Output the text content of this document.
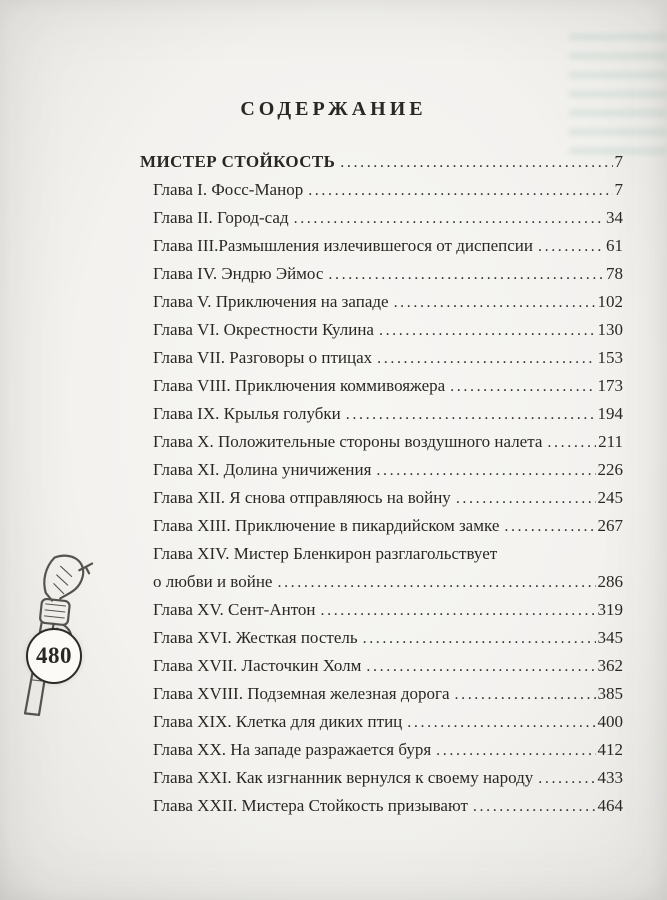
СОДЕРЖАНИЕ
МИСТЕР СТОЙКОСТЬ .....	7
Глава I. Фосс-Манор .....	7
Глава II. Город-сад .....	34
Глава III.Размышления излечившегося от диспепсии .....	61
Глава IV. Эндрю Эймос .....	78
Глава V. Приключения на западе .....	102
Глава VI. Окрестности Кулина .....	130
Глава VII. Разговоры о птицах .....	153
Глава VIII. Приключения коммивояжера .....	173
Глава IX. Крылья голубки .....	194
Глава X. Положительные стороны воздушного налета .....	211
Глава XI. Долина уничижения .....	226
Глава XII. Я снова отправляюсь на войну .....	245
Глава XIII. Приключение в пикардийском замке .....	267
Глава XIV. Мистер Бленкирон разглагольствует
о любви и войне .....	286
Глава XV. Сент-Антон .....	319
Глава XVI. Жесткая постель .....	345
Глава XVII. Ласточкин Холм .....	362
Глава XVIII. Подземная железная дорога .....	385
Глава XIX. Клетка для диких птиц .....	400
Глава XX. На западе разражается буря .....	412
Глава XXI. Как изгнанник вернулся к своему народу .....	433
Глава XXII. Мистера Стойкость призывают .....	464
480
